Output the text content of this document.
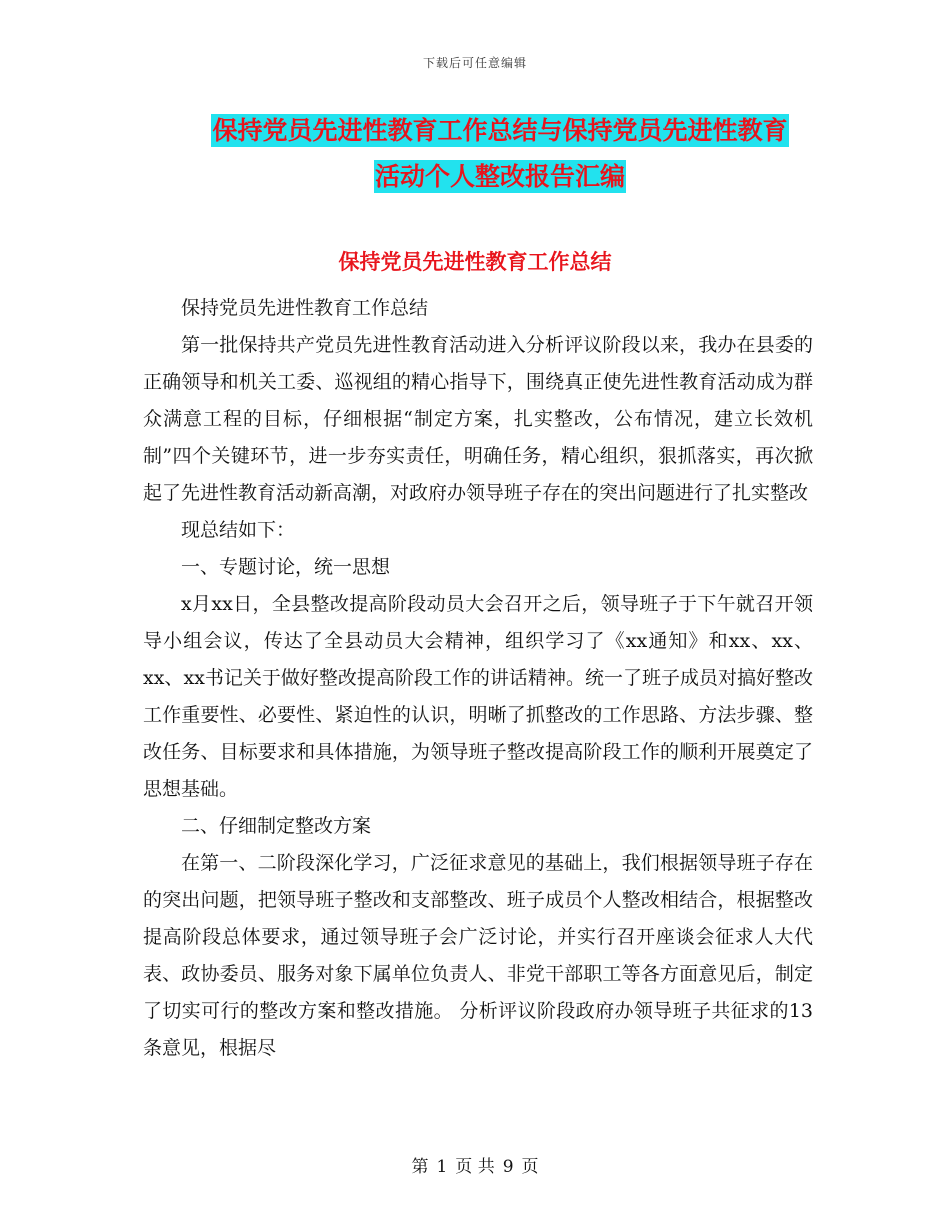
下载后可任意编辑
保持党员先进性教育工作总结与保持党员先进性教育
活动个人整改报告汇编
保持党员先进性教育工作总结

保持党员先进性教育工作总结

第一批保持共产党员先进性教育活动进入分析评议阶段以来，我办在县委的正确领导和机关工委、巡视组的精心指导下，围绕真正使先进性教育活动成为群众满意工程的目标，仔细根据“制定方案，扎实整改，公布情况，建立长效机制”四个关键环节，进一步夯实责任，明确任务，精心组织，狠抓落实，再次掀起了先进性教育活动新高潮，对政府办领导班子存在的突出问题进行了扎实整改

现总结如下：

一、专题讨论，统一思想

x月xx日，全县整改提高阶段动员大会召开之后，领导班子于下午就召开领导小组会议，传达了全县动员大会精神，组织学习了《xx通知》和xx、xx、xx、xx书记关于做好整改提高阶段工作的讲话精神。统一了班子成员对搞好整改工作重要性、必要性、紧迫性的认识，明晰了抓整改的工作思路、方法步骤、整改任务、目标要求和具体措施，为领导班子整改提高阶段工作的顺利开展奠定了思想基础。

二、仔细制定整改方案

在第一、二阶段深化学习，广泛征求意见的基础上，我们根据领导班子存在的突出问题，把领导班子整改和支部整改、班子成员个人整改相结合，根据整改提高阶段总体要求，通过领导班子会广泛讨论，并实行召开座谈会征求人大代表、政协委员、服务对象下属单位负责人、非党干部职工等各方面意见后，制定了切实可行的整改方案和整改措施。 分析评议阶段政府办领导班子共征求的13条意见，根据尽

第 1 页 共 9 页
